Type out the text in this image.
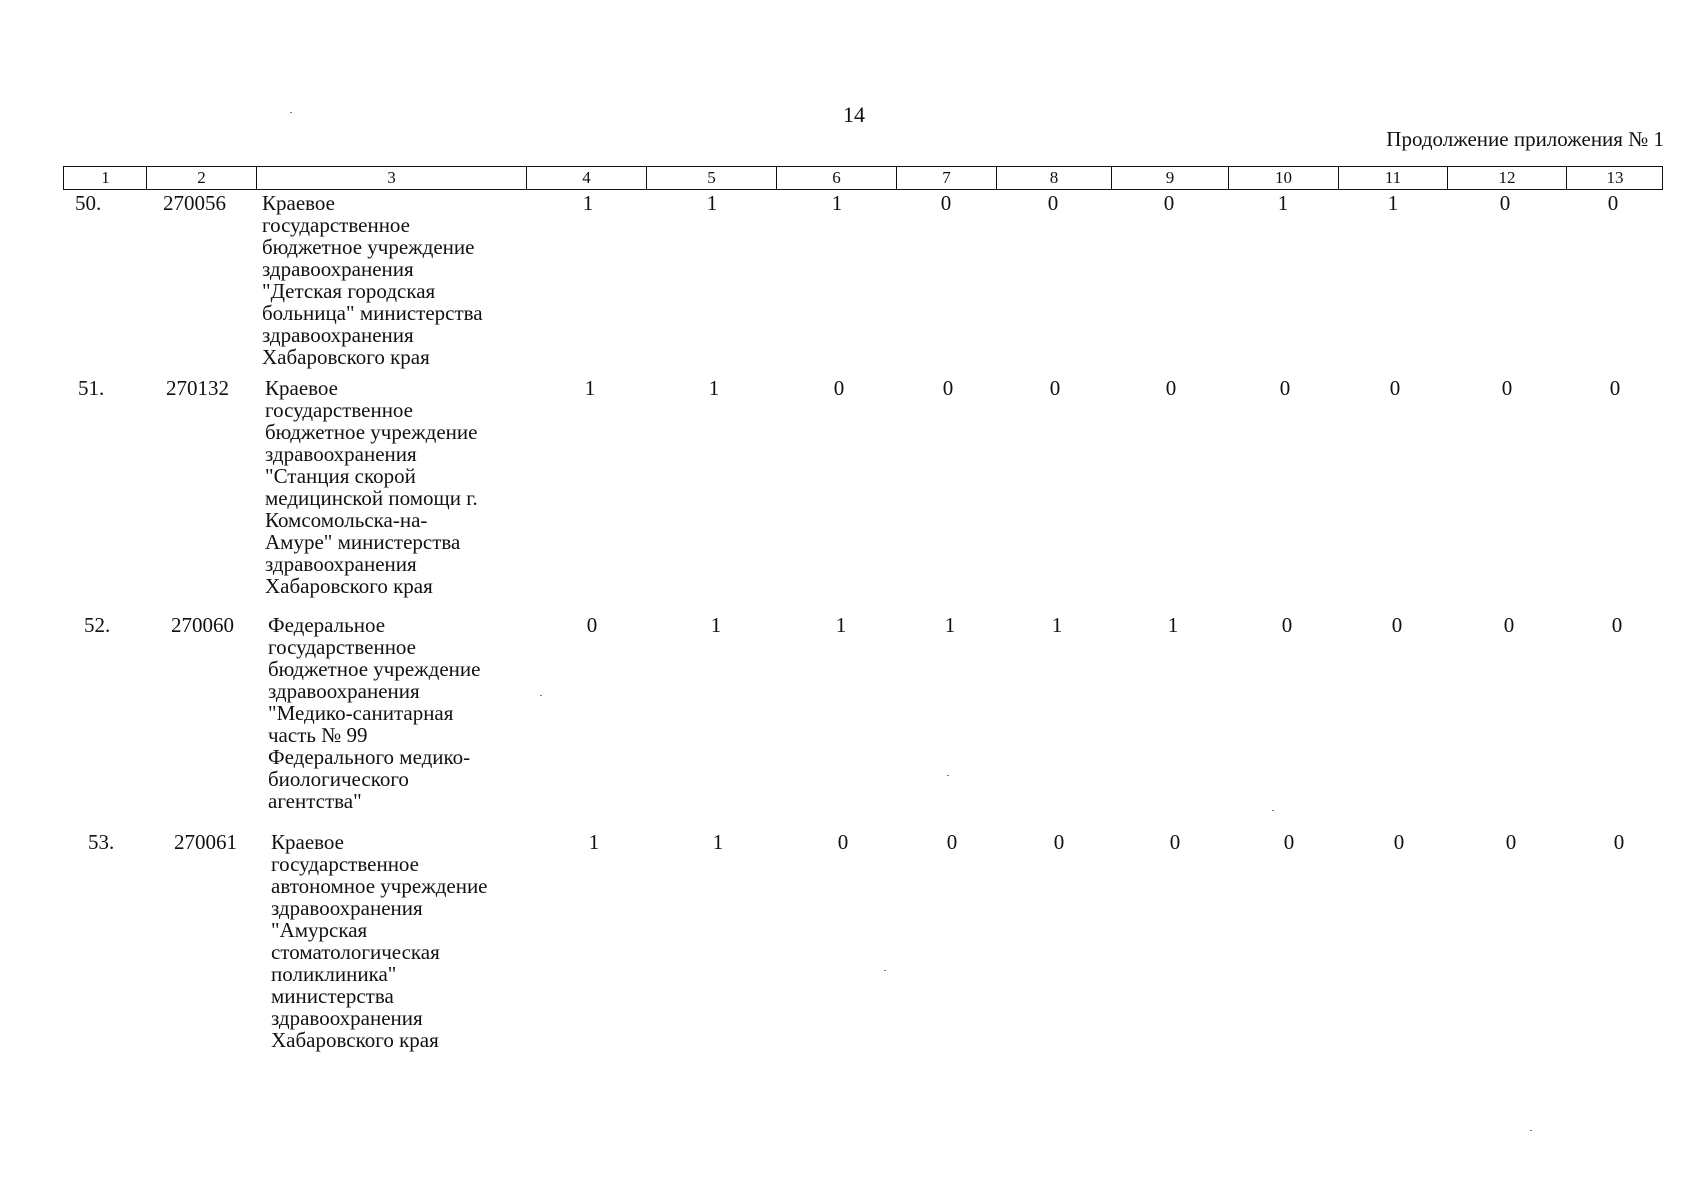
14
Продолжение приложения № 1
1	2	3	4	5	6	7	8	9	10	11	12	13
50.	270056 Краевое
государственное
бюджетное учреждение
здравоохранения
"Детская городская
больница" министерства
здравоохранения
Хабаровского края
1	1	1	0	0	0	1	1	0	0
51.	270132 Краевое
государственное
бюджетное учреждение
здравоохранения
"Станция скорой
медицинской помощи г.
Комсомольска-на-
Амуре" министерства
здравоохранения
Хабаровского края
1	1	0	0	0	0	0	0	0	0
52.	270060 Федеральное
государственное
бюджетное учреждение
здравоохранения
"Медико-санитарная
часть № 99
Федерального медико-
биологического
агентства"
0	1	1	1	1	1	0	0	0	0
53.	270061 Краевое
государственное
автономное учреждение
здравоохранения
"Амурская
стоматологическая
поликлиника"
министерства
здравоохранения
Хабаровского края
1	1	0	0	0	0	0	0	0	0
